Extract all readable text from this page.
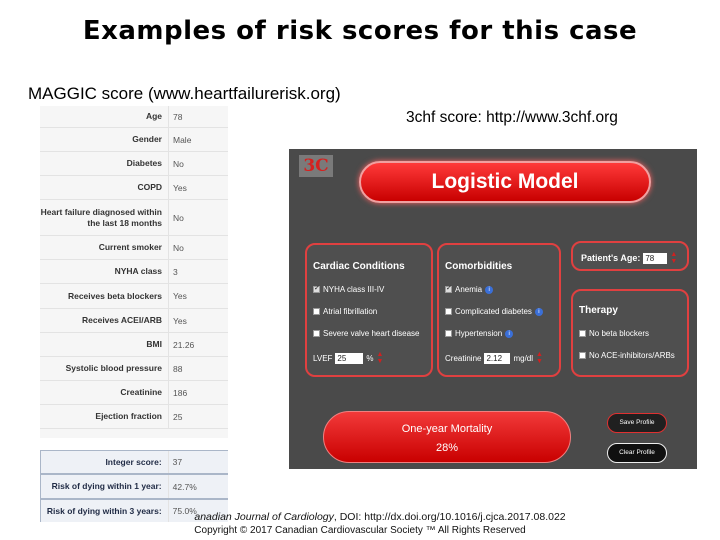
Examples of risk scores for this case
MAGGIC score (www.heartfailurerisk.org)
3chf score: http://www.3chf.org
Age	78
Gender	Male
Diabetes	No
COPD	Yes
Heart failure diagnosed within the last 18 months	No
Current smoker	No
NYHA class	3
Receives beta blockers	Yes
Receives ACEI/ARB	Yes
BMI	21.26
Systolic blood pressure	88
Creatinine	186
Ejection fraction	25
Integer score:	37
Risk of dying within 1 year:	42.7%
Risk of dying within 3 years:	75.0%
3C
Logistic Model
Cardiac Conditions
✓
NYHA class III-IV
Atrial fibrillation
Severe valve heart disease
LVEF 25	% ▲
▼
Comorbidities
✓
Anemia	i
Complicated diabetes	i
Hypertension	i
Creatinine 2.12	mg/dl ▲
▼
Patient's Age: 78	▲
▼
Therapy
No beta blockers
No ACE-inhibitors/ARBs
One-year Mortality
28%
Save Profile
Clear Profile
anadian Journal of Cardiology, DOI: http://dx.doi.org/10.1016/j.cjca.2017.08.022
Copyright © 2017 Canadian Cardiovascular Society ™ All Rights Reserved
